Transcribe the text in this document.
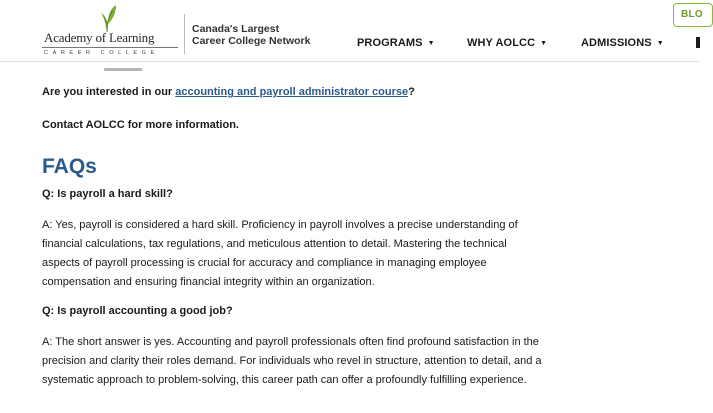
Academy of Learning
CAREER COLLEGE
Canada's Largest
Career College Network	PROGRAMS ▼	WHY AOLCC ▼	ADMISSIONS ▼
BLO
Are you interested in our accounting and payroll administrator course?
Contact AOLCC for more information.
FAQs
Q: Is payroll a hard skill?
A: Yes, payroll is considered a hard skill. Proficiency in payroll involves a precise understanding of
financial calculations, tax regulations, and meticulous attention to detail. Mastering the technical
aspects of payroll processing is crucial for accuracy and compliance in managing employee
compensation and ensuring financial integrity within an organization.
Q: Is payroll accounting a good job?
A: The short answer is yes. Accounting and payroll professionals often find profound satisfaction in the
precision and clarity their roles demand. For individuals who revel in structure, attention to detail, and a
systematic approach to problem-solving, this career path can offer a profoundly fulfilling experience.
